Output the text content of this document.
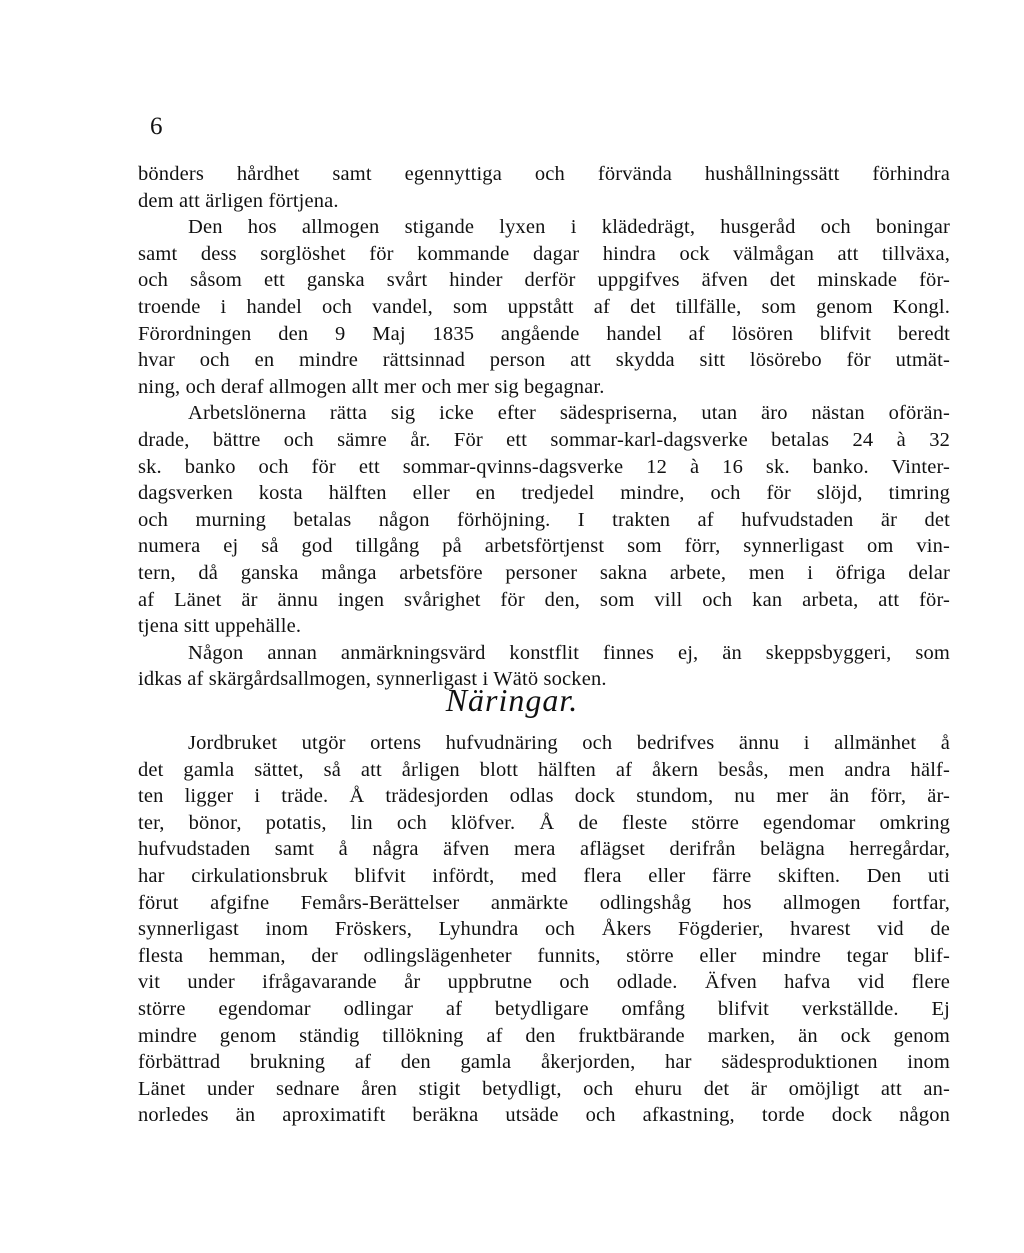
6
bönders hårdhet samt egennyttiga och förvända hushållningssätt förhindra
dem att ärligen förtjena.
Den hos allmogen stigande lyxen i klädedrägt, husgeråd och boningar
samt dess sorglöshet för kommande dagar hindra ock välmågan att tillväxa,
och såsom ett ganska svårt hinder derför uppgifves äfven det minskade för-
troende i handel och vandel, som uppstått af det tillfälle, som genom Kongl.
Förordningen den 9 Maj 1835 angående handel af lösören blifvit beredt
hvar och en mindre rättsinnad person att skydda sitt lösörebo för utmät-
ning, och deraf allmogen allt mer och mer sig begagnar.
Arbetslönerna rätta sig icke efter sädespriserna, utan äro nästan oförän-
drade, bättre och sämre år. För ett sommar-karl-dagsverke betalas 24 à 32
sk. banko och för ett sommar-qvinns-dagsverke 12 à 16 sk. banko. Vinter-
dagsverken kosta hälften eller en tredjedel mindre, och för slöjd, timring
och murning betalas någon förhöjning. I trakten af hufvudstaden är det
numera ej så god tillgång på arbetsförtjenst som förr, synnerligast om vin-
tern, då ganska många arbetsföre personer sakna arbete, men i öfriga delar
af Länet är ännu ingen svårighet för den, som vill och kan arbeta, att för-
tjena sitt uppehälle.
Någon annan anmärkningsvärd konstflit finnes ej, än skeppsbyggeri, som
idkas af skärgårdsallmogen, synnerligast i Wätö socken.
Näringar.
Jordbruket utgör ortens hufvudnäring och bedrifves ännu i allmänhet å
det gamla sättet, så att årligen blott hälften af åkern besås, men andra hälf-
ten ligger i träde. Å trädesjorden odlas dock stundom, nu mer än förr, är-
ter, bönor, potatis, lin och klöfver. Å de fleste större egendomar omkring
hufvudstaden samt å några äfven mera aflägset derifrån belägna herregårdar,
har cirkulationsbruk blifvit infördt, med flera eller färre skiften. Den uti
förut afgifne Femårs-Berättelser anmärkte odlingshåg hos allmogen fortfar,
synnerligast inom Fröskers, Lyhundra och Åkers Fögderier, hvarest vid de
flesta hemman, der odlingslägenheter funnits, större eller mindre tegar blif-
vit under ifrågavarande år uppbrutne och odlade. Äfven hafva vid flere
större egendomar odlingar af betydligare omfång blifvit verkställde. Ej
mindre genom ständig tillökning af den fruktbärande marken, än ock genom
förbättrad brukning af den gamla åkerjorden, har sädesproduktionen inom
Länet under sednare åren stigit betydligt, och ehuru det är omöjligt att an-
norledes än aproximatift beräkna utsäde och afkastning, torde dock någon
